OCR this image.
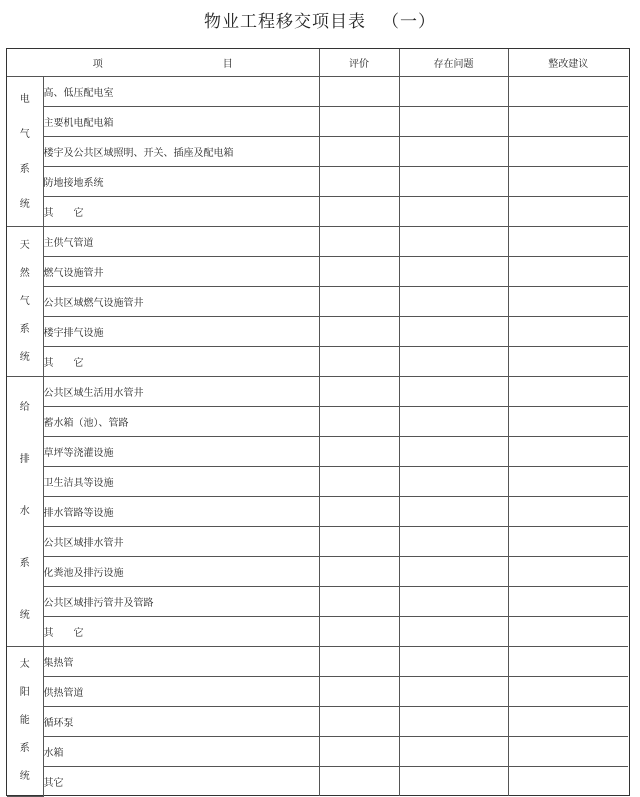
物业工程移交项目表 （一）
项 目		评价	存在问题	整改建议

电
气
系
统	高、低压配电室			
	主要机电配电箱			
	楼宇及公共区域照明、开关、插座及配电箱			
	防地接地系统			
	其　　它			

天
然
气
系
统	主供气管道			
	燃气设施管井			
	公共区域燃气设施管井			
	楼宇排气设施			
	其　　它			

给
排
水
系
统	公共区域生活用水管井			
	蓄水箱（池）、管路			
	草坪等浇灌设施			
	卫生洁具等设施			
	排水管路等设施			
	公共区域排水管井			
	化粪池及排污设施			
	公共区域排污管井及管路			
	其　　它			

太
阳
能
系
统	集热管			
	供热管道			
	循环泵			
	水箱			
	其它			
